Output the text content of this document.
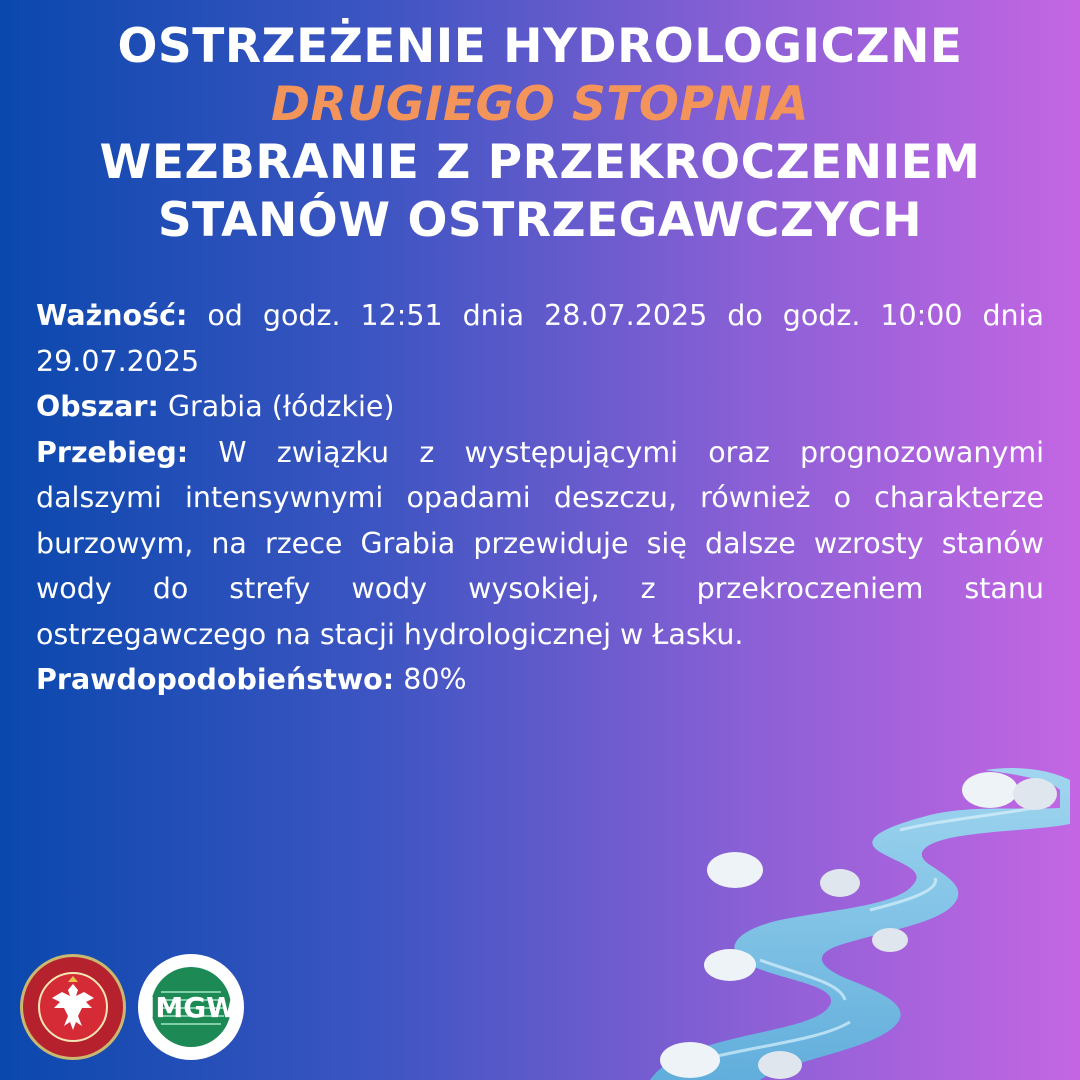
OSTRZEŻENIE HYDROLOGICZNE
DRUGIEGO STOPNIA
WEZBRANIE Z PRZEKROCZENIEM
STANÓW OSTRZEGAWCZYCH

Ważność: od godz. 12:51 dnia 28.07.2025 do godz. 10:00 dnia 29.07.2025

Obszar: Grabia (łódzkie)

Przebieg: W związku z występującymi oraz prognozowanymi dalszymi intensywnymi opadami deszczu, również o charakterze burzowym, na rzece Grabia przewiduje się dalsze wzrosty stanów wody do strefy wody wysokiej, z przekroczeniem stanu ostrzegawczego na stacji hydrologicznej w Łasku.

Prawdopodobieństwo: 80%

IMGW
